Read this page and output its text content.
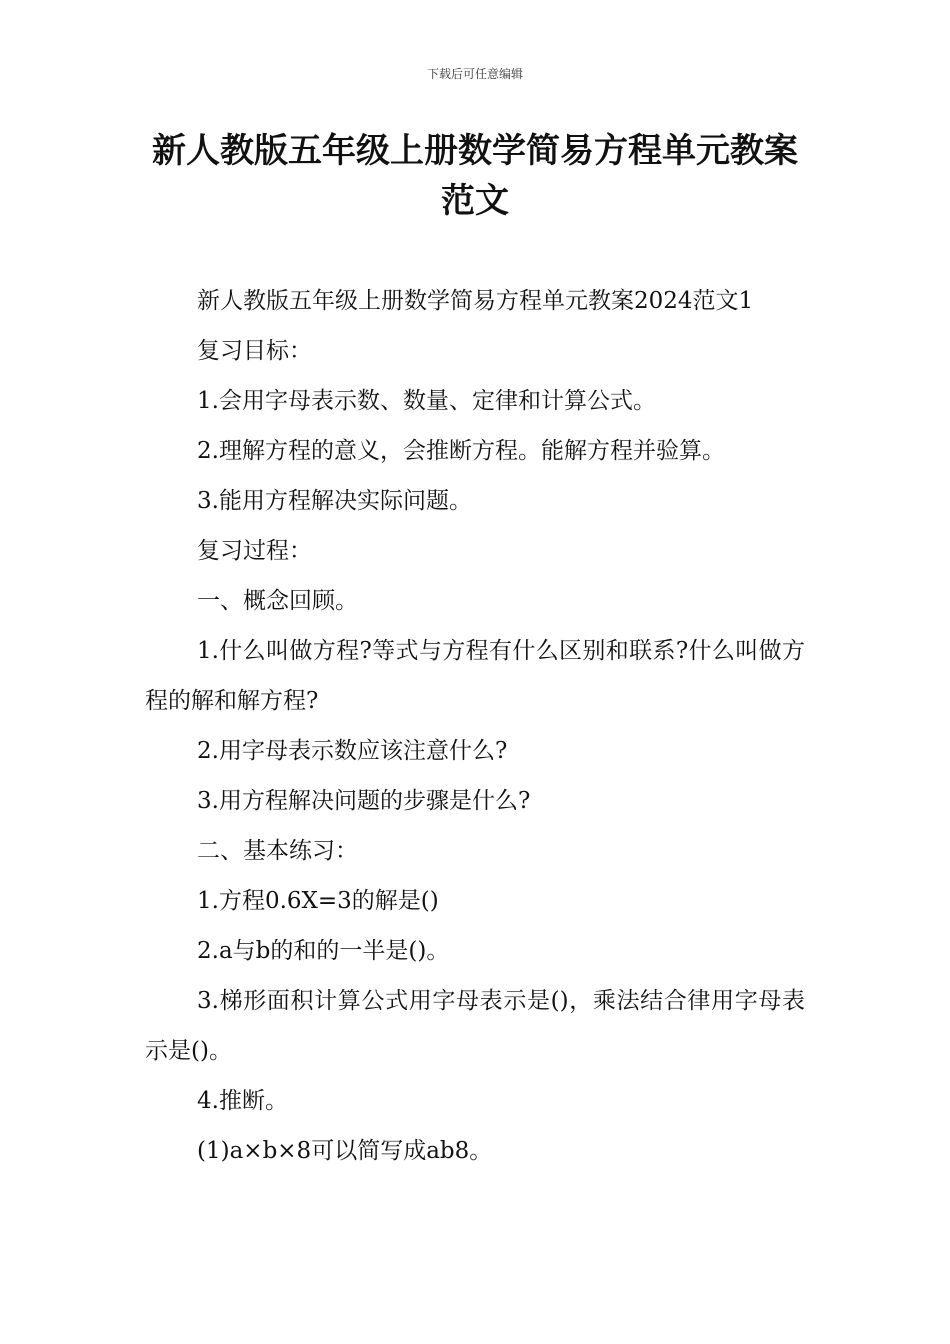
下载后可任意编辑
新人教版五年级上册数学简易方程单元教案范文

新人教版五年级上册数学简易方程单元教案2024范文1

复习目标：

1.会用字母表示数、数量、定律和计算公式。

2.理解方程的意义，会推断方程。能解方程并验算。

3.能用方程解决实际问题。

复习过程：

一、概念回顾。

1.什么叫做方程?等式与方程有什么区别和联系?什么叫做方程的解和解方程?

2.用字母表示数应该注意什么?

3.用方程解决问题的步骤是什么?

二、基本练习：

1.方程0.6X=3的解是()

2.a与b的和的一半是()。

3.梯形面积计算公式用字母表示是()，乘法结合律用字母表示是()。

4.推断。

(1)a×b×8可以简写成ab8。
